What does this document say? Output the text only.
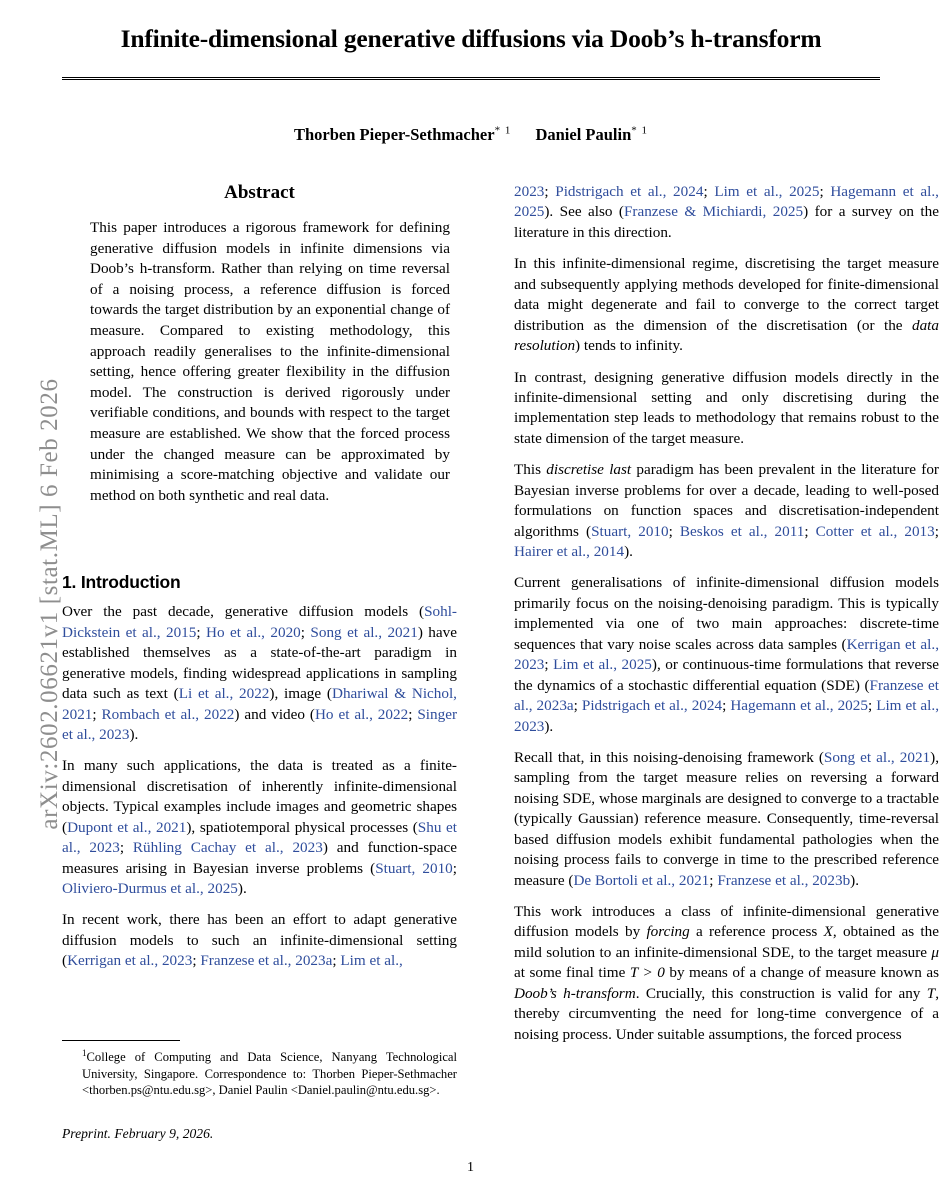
arXiv:2602.06621v1 [stat.ML] 6 Feb 2026
Infinite-dimensional generative diffusions via Doob’s h-transform
Thorben Pieper-Sethmacher$^{* 1}$ Daniel Paulin$^{* 1}$
Abstract

This paper introduces a rigorous framework for defining generative diffusion models in infinite dimensions via Doob’s h-transform. Rather than relying on time reversal of a noising process, a reference diffusion is forced towards the target distribution by an exponential change of measure. Compared to existing methodology, this approach readily generalises to the infinite-dimensional setting, hence offering greater flexibility in the diffusion model. The construction is derived rigorously under verifiable conditions, and bounds with respect to the target measure are established. We show that the forced process under the changed measure can be approximated by minimising a score-matching objective and validate our method on both synthetic and real data.

1. Introduction

Over the past decade, generative diffusion models (Sohl-Dickstein et al., 2015; Ho et al., 2020; Song et al., 2021) have established themselves as a state-of-the-art paradigm in generative models, finding widespread applications in sampling data such as text (Li et al., 2022), image (Dhariwal & Nichol, 2021; Rombach et al., 2022) and video (Ho et al., 2022; Singer et al., 2023).

In many such applications, the data is treated as a finite-dimensional discretisation of inherently infinite-dimensional objects. Typical examples include images and geometric shapes (Dupont et al., 2021), spatiotemporal physical processes (Shu et al., 2023; Rühling Cachay et al., 2023) and function-space measures arising in Bayesian inverse problems (Stuart, 2010; Oliviero-Durmus et al., 2025).

In recent work, there has been an effort to adapt generative diffusion models to such an infinite-dimensional setting (Kerrigan et al., 2023; Franzese et al., 2023a; Lim et al.,

2023; Pidstrigach et al., 2024; Lim et al., 2025; Hagemann et al., 2025). See also (Franzese & Michiardi, 2025) for a survey on the literature in this direction.

In this infinite-dimensional regime, discretising the target measure and subsequently applying methods developed for finite-dimensional data might degenerate and fail to converge to the correct target distribution as the dimension of the discretisation (or the data resolution) tends to infinity.

In contrast, designing generative diffusion models directly in the infinite-dimensional setting and only discretising during the implementation step leads to methodology that remains robust to the state dimension of the target measure.

This discretise last paradigm has been prevalent in the literature for Bayesian inverse problems for over a decade, leading to well-posed formulations on function spaces and discretisation-independent algorithms (Stuart, 2010; Beskos et al., 2011; Cotter et al., 2013; Hairer et al., 2014).

Current generalisations of infinite-dimensional diffusion models primarily focus on the noising-denoising paradigm. This is typically implemented via one of two main approaches: discrete-time sequences that vary noise scales across data samples (Kerrigan et al., 2023; Lim et al., 2025), or continuous-time formulations that reverse the dynamics of a stochastic differential equation (SDE) (Franzese et al., 2023a; Pidstrigach et al., 2024; Hagemann et al., 2025; Lim et al., 2023).

Recall that, in this noising-denoising framework (Song et al., 2021), sampling from the target measure relies on reversing a forward noising SDE, whose marginals are designed to converge to a tractable (typically Gaussian) reference measure. Consequently, time-reversal based diffusion models exhibit fundamental pathologies when the noising process fails to converge in time to the prescribed reference measure (De Bortoli et al., 2021; Franzese et al., 2023b).

This work introduces a class of infinite-dimensional generative diffusion models by forcing a reference process X, obtained as the mild solution to an infinite-dimensional SDE, to the target measure μ at some final time T > 0 by means of a change of measure known as Doob’s h-transform. Crucially, this construction is valid for any T, thereby circumventing the need for long-time convergence of a noising process. Under suitable assumptions, the forced process

$^1$College of Computing and Data Science, Nanyang Technological University, Singapore. Correspondence to: Thorben Pieper-Sethmacher <thorben.ps@ntu.edu.sg>, Daniel Paulin <Daniel.paulin@ntu.edu.sg>.

Preprint. February 9, 2026.

1
